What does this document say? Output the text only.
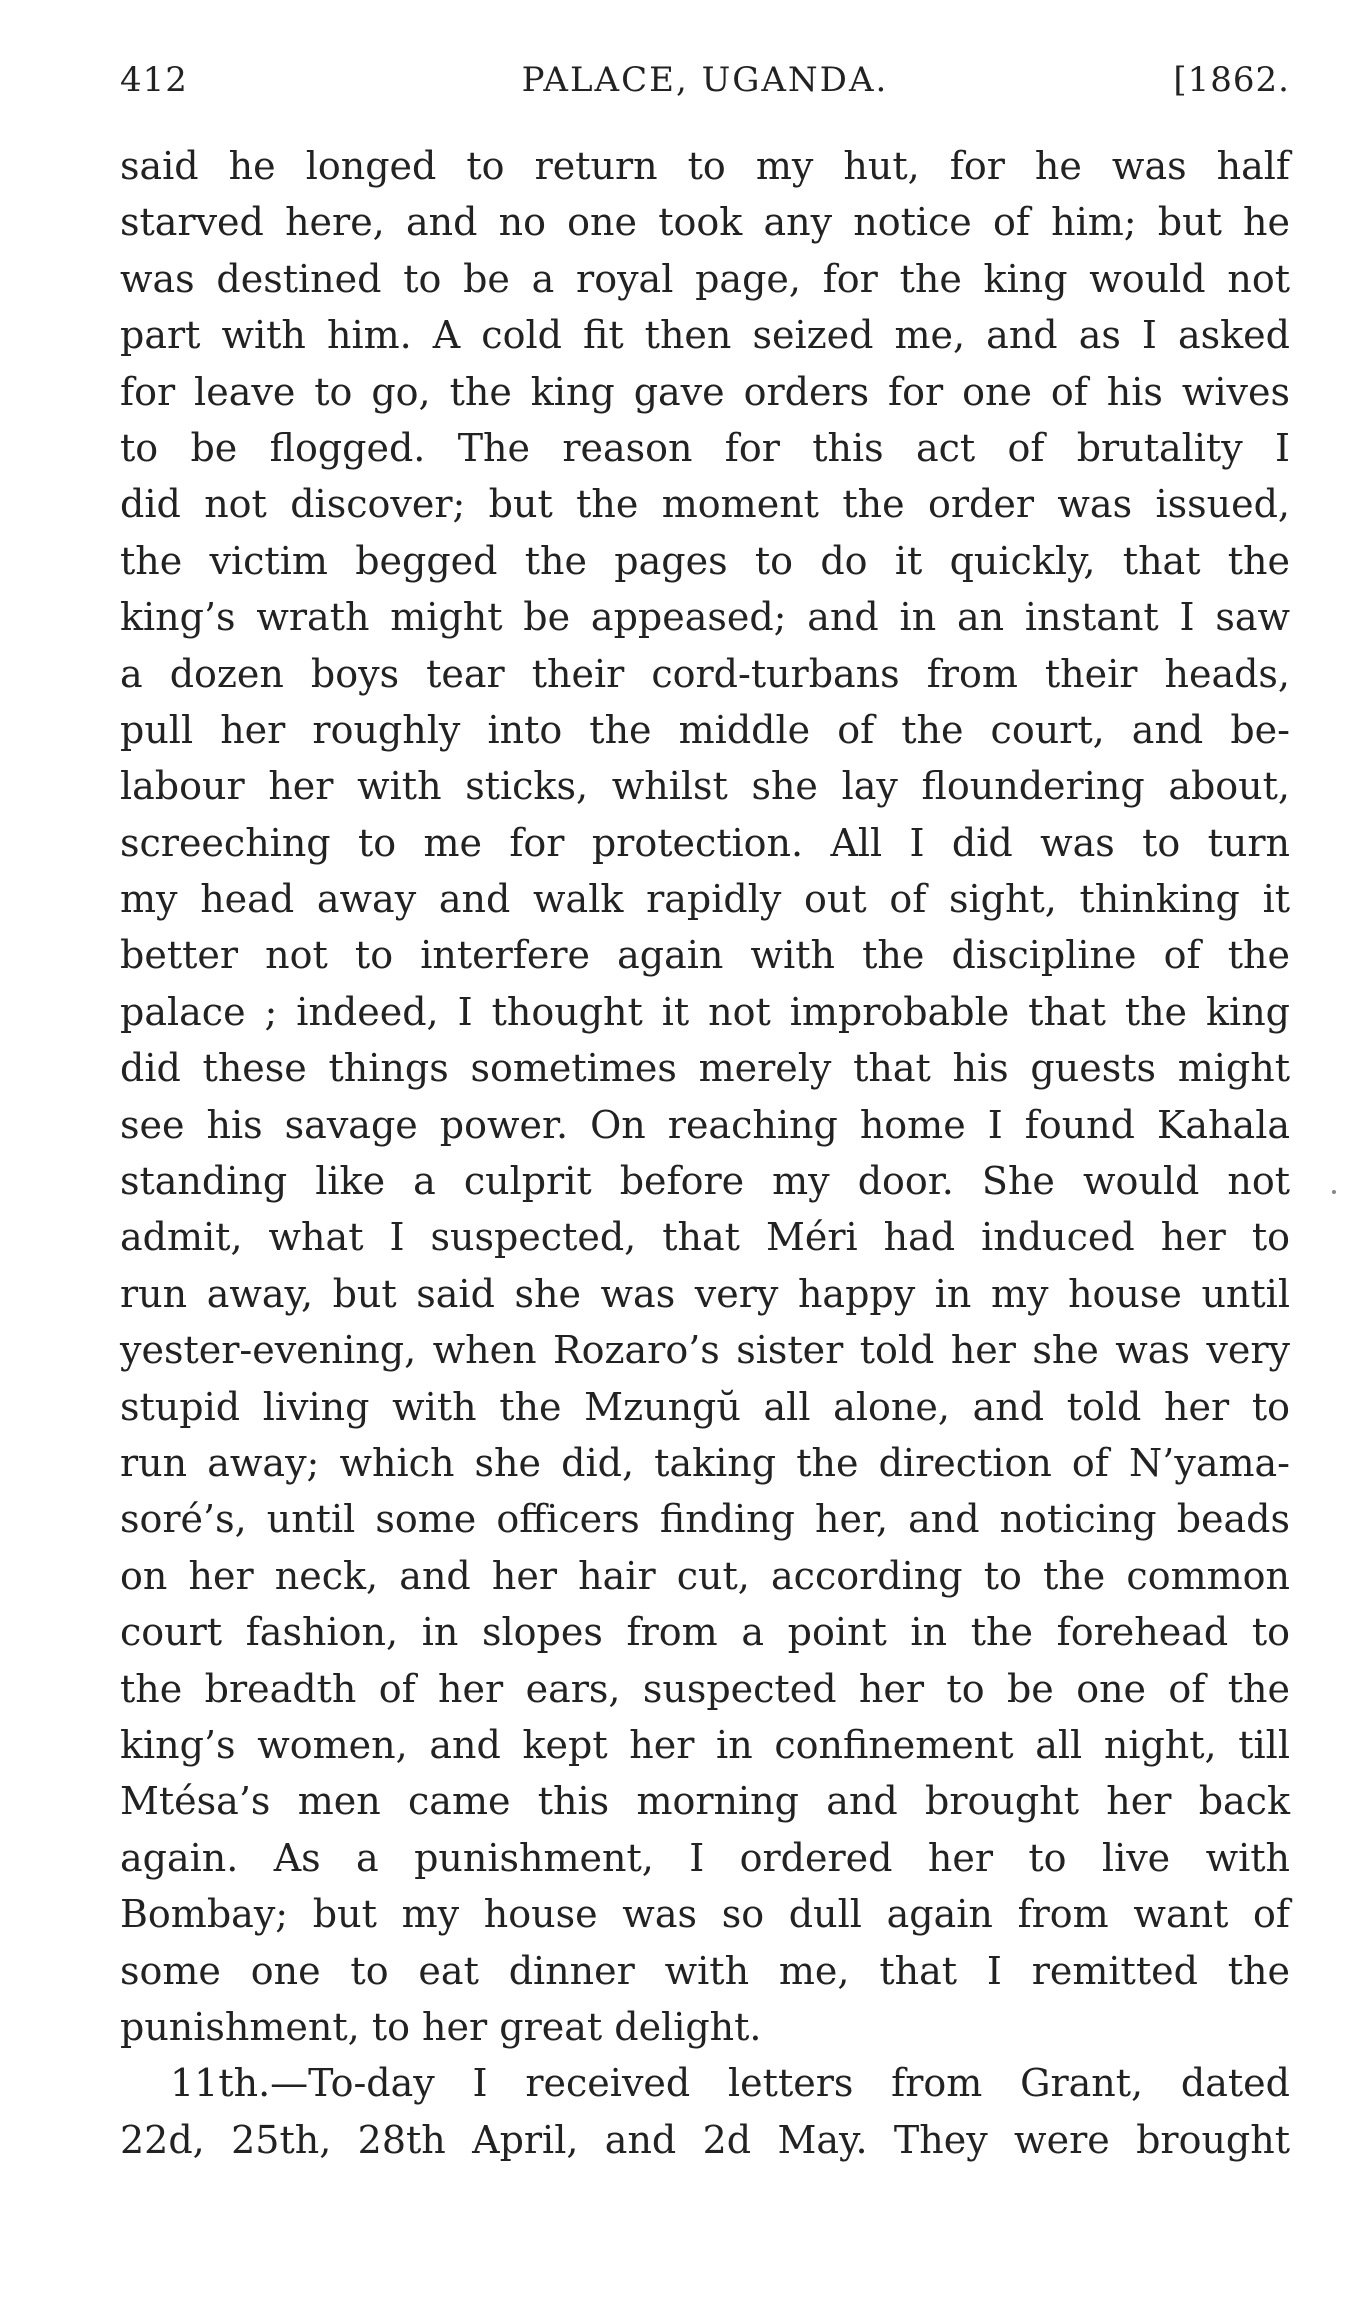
412	PALACE, UGANDA.	[1862.
said he longed to return to my hut, for he was half
starved here, and no one took any notice of him; but he
was destined to be a royal page, for the king would not
part with him. A cold fit then seized me, and as I asked
for leave to go, the king gave orders for one of his wives
to be flogged. The reason for this act of brutality I
did not discover; but the moment the order was issued,
the victim begged the pages to do it quickly, that the
king’s wrath might be appeased; and in an instant I saw
a dozen boys tear their cord-turbans from their heads,
pull her roughly into the middle of the court, and be-
labour her with sticks, whilst she lay floundering about,
screeching to me for protection. All I did was to turn
my head away and walk rapidly out of sight, thinking it
better not to interfere again with the discipline of the
palace ; indeed, I thought it not improbable that the king
did these things sometimes merely that his guests might
see his savage power. On reaching home I found Kahala
standing like a culprit before my door. She would not
admit, what I suspected, that Méri had induced her to
run away, but said she was very happy in my house until
yester-evening, when Rozaro’s sister told her she was very
stupid living with the Mzungŭ all alone, and told her to
run away; which she did, taking the direction of N’yama-
soré’s, until some officers finding her, and noticing beads
on her neck, and her hair cut, according to the common
court fashion, in slopes from a point in the forehead to
the breadth of her ears, suspected her to be one of the
king’s women, and kept her in confinement all night, till
Mtésa’s men came this morning and brought her back
again. As a punishment, I ordered her to live with
Bombay; but my house was so dull again from want of
some one to eat dinner with me, that I remitted the
punishment, to her great delight.
11th.—To-day I received letters from Grant, dated
22d, 25th, 28th April, and 2d May. They were brought
